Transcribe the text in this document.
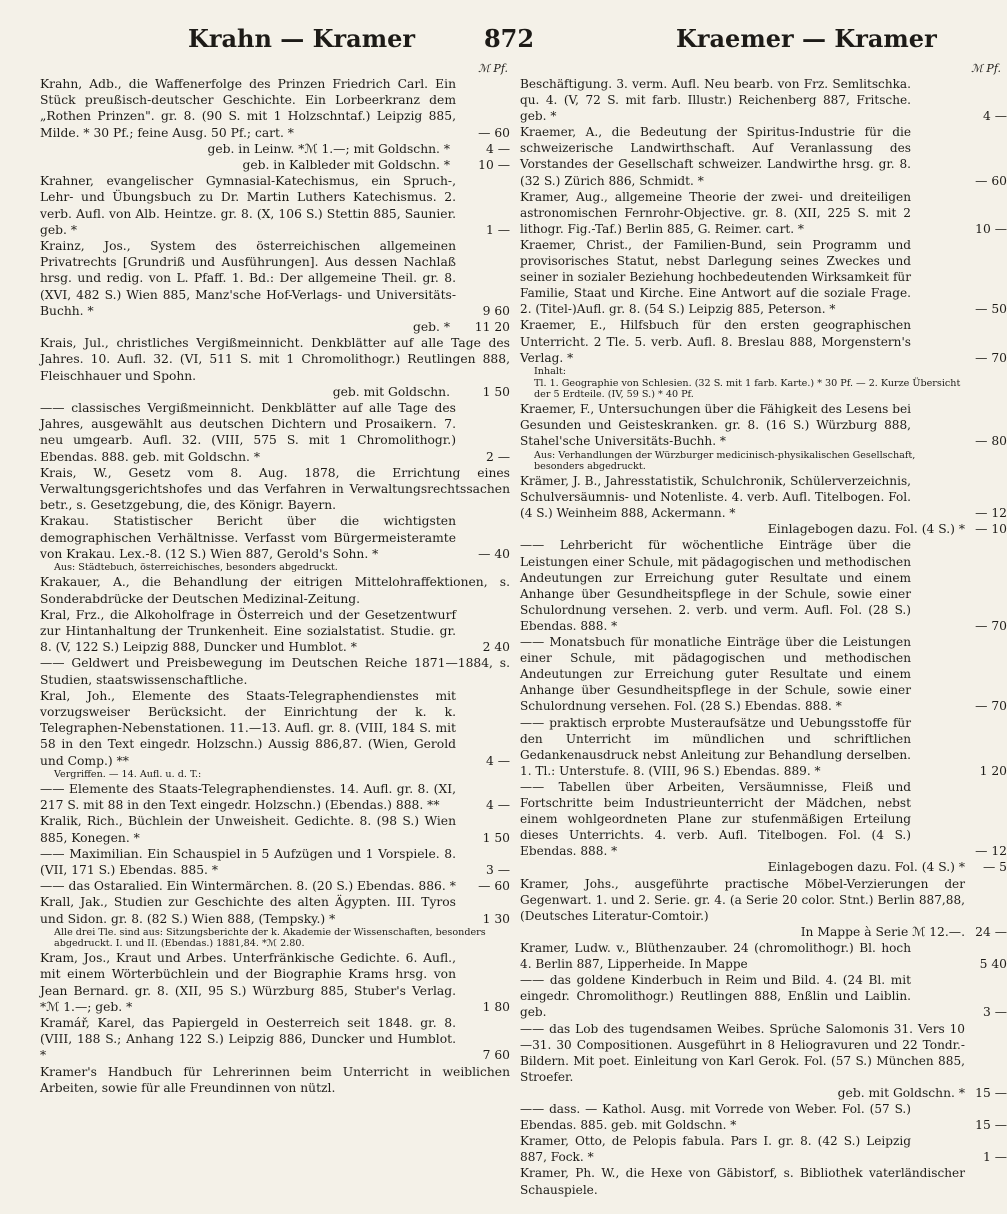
Krahn — Kramer	872	Kraemer — Kramer
ℳ Pf.

Krahn, Adb., die Waffenerfolge des Prinzen Friedrich Carl. Ein Stück preußisch-deutscher Geschichte. Ein Lorbeerkranz dem „Rothen Prinzen". gr. 8. (90 S. mit 1 Holzschntaf.) Leipzig 885, Milde. * 30 Pf.; feine Ausg. 50 Pf.; cart. *	— 60

geb. in Leinw. *ℳ 1.—; mit Goldschn. *	4 —
geb. in Kalbleder mit Goldschn. * 10 —

Krahner, evangelischer Gymnasial-Katechismus, ein Spruch-, Lehr- und Übungsbuch zu Dr. Martin Luthers Katechismus. 2. verb. Aufl. von Alb. Heintze. gr. 8. (X, 106 S.) Stettin 885, Saunier. geb. *	1 —

Krainz, Jos., System des österreichischen allgemeinen Privatrechts [Grundriß und Ausführungen]. Aus dessen Nachlaß hrsg. und redig. von L. Pfaff. 1. Bd.: Der allgemeine Theil. gr. 8. (XVI, 482 S.) Wien 885, Manz'sche Hof-Verlags- und Universitäts-Buchh. *	9 60

geb. * 11 20

Krais, Jul., christliches Vergißmeinnicht. Denkblätter auf alle Tage des Jahres. 10. Aufl. 32. (VI, 511 S. mit 1 Chromolithogr.) Reutlingen 888, Fleischhauer und Spohn.

geb. mit Goldschn.	1 50

—— classisches Vergißmeinnicht. Denkblätter auf alle Tage des Jahres, ausgewählt aus deutschen Dichtern und Prosaikern. 7. neu umgearb. Aufl. 32. (VIII, 575 S. mit 1 Chromolithogr.) Ebendas. 888. geb. mit Goldschn. *	2 —

Krais, W., Gesetz vom 8. Aug. 1878, die Errichtung eines Verwaltungsgerichtshofes und das Verfahren in Verwaltungsrechtssachen betr., s. Gesetzgebung, die, des Königr. Bayern.

Krakau. Statistischer Bericht über die wichtigsten demographischen Verhältnisse. Verfasst vom Bürgermeisteramte von Krakau. Lex.-8. (12 S.) Wien 887, Gerold's Sohn. *	— 40

Aus: Städtebuch, österreichisches, besonders abgedruckt.

Krakauer, A., die Behandlung der eitrigen Mittelohraffektionen, s. Sonderabdrücke der Deutschen Medizinal-Zeitung.

Kral, Frz., die Alkoholfrage in Österreich und der Gesetzentwurf zur Hintanhaltung der Trunkenheit. Eine sozialstatist. Studie. gr. 8. (V, 122 S.) Leipzig 888, Duncker und Humblot. *	2 40

—— Geldwert und Preisbewegung im Deutschen Reiche 1871—1884, s. Studien, staatswissenschaftliche.

Kral, Joh., Elemente des Staats-Telegraphendienstes mit vorzugsweiser Berücksicht. der Einrichtung der k. k. Telegraphen-Nebenstationen. 11.—13. Aufl. gr. 8. (VIII, 184 S. mit 58 in den Text eingedr. Holzschn.) Aussig 886,87. (Wien, Gerold und Comp.) **	4 —

Vergriffen. — 14. Aufl. u. d. T.:

—— Elemente des Staats-Telegraphendienstes. 14. Aufl. gr. 8. (XI, 217 S. mit 88 in den Text eingedr. Holzschn.) (Ebendas.) 888. **	4 —

Kralik, Rich., Büchlein der Unweisheit. Gedichte. 8. (98 S.) Wien 885, Konegen. *	1 50

—— Maximilian. Ein Schauspiel in 5 Aufzügen und 1 Vorspiele. 8. (VII, 171 S.) Ebendas. 885. *	3 —

—— das Ostaralied. Ein Wintermärchen. 8. (20 S.) Ebendas. 886. *	— 60

Krall, Jak., Studien zur Geschichte des alten Ägypten. III. Tyros und Sidon. gr. 8. (82 S.) Wien 888, (Tempsky.) *	1 30

Alle drei Tle. sind aus: Sitzungsberichte der k. Akademie der Wissenschaften, besonders abgedruckt. I. und II. (Ebendas.) 1881,84. *ℳ 2.80.

Kram, Jos., Kraut und Arbes. Unterfränkische Gedichte. 6. Aufl., mit einem Wörterbüchlein und der Biographie Krams hrsg. von Jean Bernard. gr. 8. (XII, 95 S.) Würzburg 885, Stuber's Verlag. *ℳ 1.—; geb. *	1 80

Kramář, Karel, das Papiergeld in Oesterreich seit 1848. gr. 8. (VIII, 188 S.; Anhang 122 S.) Leipzig 886, Duncker und Humblot. *	7 60

Kramer's Handbuch für Lehrerinnen beim Unterricht in weiblichen Arbeiten, sowie für alle Freundinnen von nützl.

ℳ Pf.

Beschäftigung. 3. verm. Aufl. Neu bearb. von Frz. Semlitschka. qu. 4. (V, 72 S. mit farb. Illustr.) Reichenberg 887, Fritsche. geb. *	4 —

Kraemer, A., die Bedeutung der Spiritus-Industrie für die schweizerische Landwirthschaft. Auf Veranlassung des Vorstandes der Gesellschaft schweizer. Landwirthe hrsg. gr. 8. (32 S.) Zürich 886, Schmidt. *	— 60

Kramer, Aug., allgemeine Theorie der zwei- und dreiteiligen astronomischen Fernrohr-Objective. gr. 8. (XII, 225 S. mit 2 lithogr. Fig.-Taf.) Berlin 885, G. Reimer. cart. *	10 —

Kraemer, Christ., der Familien-Bund, sein Programm und provisorisches Statut, nebst Darlegung seines Zweckes und seiner in sozialer Beziehung hochbedeutenden Wirksamkeit für Familie, Staat und Kirche. Eine Antwort auf die soziale Frage. 2. (Titel-)Aufl. gr. 8. (54 S.) Leipzig 885, Peterson. *	— 50

Kraemer, E., Hilfsbuch für den ersten geographischen Unterricht. 2 Tle. 5. verb. Aufl. 8. Breslau 888, Morgenstern's Verlag. *	— 70

Inhalt:
Tl. 1. Geographie von Schlesien. (32 S. mit 1 farb. Karte.) * 30 Pf. — 2. Kurze Übersicht der 5 Erdteile. (IV, 59 S.) * 40 Pf.

Kraemer, F., Untersuchungen über die Fähigkeit des Lesens bei Gesunden und Geisteskranken. gr. 8. (16 S.) Würzburg 888, Stahel'sche Universitäts-Buchh. *	— 80

Aus: Verhandlungen der Würzburger medicinisch-physikalischen Gesellschaft, besonders abgedruckt.

Krämer, J. B., Jahresstatistik, Schulchronik, Schülerverzeichnis, Schulversäumnis- und Notenliste. 4. verb. Aufl. Titelbogen. Fol. (4 S.) Weinheim 888, Ackermann. *	— 12

Einlagebogen dazu. Fol. (4 S.) * — 10

—— Lehrbericht für wöchentliche Einträge über die Leistungen einer Schule, mit pädagogischen und methodischen Andeutungen zur Erreichung guter Resultate und einem Anhange über Gesundheitspflege in der Schule, sowie einer Schulordnung versehen. 2. verb. und verm. Aufl. Fol. (28 S.) Ebendas. 888. *	— 70

—— Monatsbuch für monatliche Einträge über die Leistungen einer Schule, mit pädagogischen und methodischen Andeutungen zur Erreichung guter Resultate und einem Anhange über Gesundheitspflege in der Schule, sowie einer Schulordnung versehen. Fol. (28 S.) Ebendas. 888. *	— 70

—— praktisch erprobte Musteraufsätze und Uebungsstoffe für den Unterricht im mündlichen und schriftlichen Gedankenausdruck nebst Anleitung zur Behandlung derselben. 1. Tl.: Unterstufe. 8. (VIII, 96 S.) Ebendas. 889. *	1 20

—— Tabellen über Arbeiten, Versäumnisse, Fleiß und Fortschritte beim Industrieunterricht der Mädchen, nebst einem wohlgeordneten Plane zur stufenmäßigen Erteilung dieses Unterrichts. 4. verb. Aufl. Titelbogen. Fol. (4 S.) Ebendas. 888. *	— 12

Einlagebogen dazu. Fol. (4 S.) * — 5

Kramer, Johs., ausgeführte practische Möbel-Verzierungen der Gegenwart. 1. und 2. Serie. gr. 4. (a Serie 20 color. Stnt.) Berlin 887,88, (Deutsches Literatur-Comtoir.)

In Mappe à Serie ℳ 12.—. 24 —

Kramer, Ludw. v., Blüthenzauber. 24 (chromolithogr.) Bl. hoch 4. Berlin 887, Lipperheide. In Mappe	5 40

—— das goldene Kinderbuch in Reim und Bild. 4. (24 Bl. mit eingedr. Chromolithogr.) Reutlingen 888, Enßlin und Laiblin. geb.	3 —

—— das Lob des tugendsamen Weibes. Sprüche Salomonis 31. Vers 10—31. 30 Compositionen. Ausgeführt in 8 Heliogravuren und 22 Tondr.-Bildern. Mit poet. Einleitung von Karl Gerok. Fol. (57 S.) München 885, Stroefer.

geb. mit Goldschn. * 15 —

—— dass. — Kathol. Ausg. mit Vorrede von Weber. Fol. (57 S.) Ebendas. 885. geb. mit Goldschn. *	15 —

Kramer, Otto, de Pelopis fabula. Pars I. gr. 8. (42 S.) Leipzig 887, Fock. *	1 —

Kramer, Ph. W., die Hexe von Gäbistorf, s. Bibliothek vaterländischer Schauspiele.
